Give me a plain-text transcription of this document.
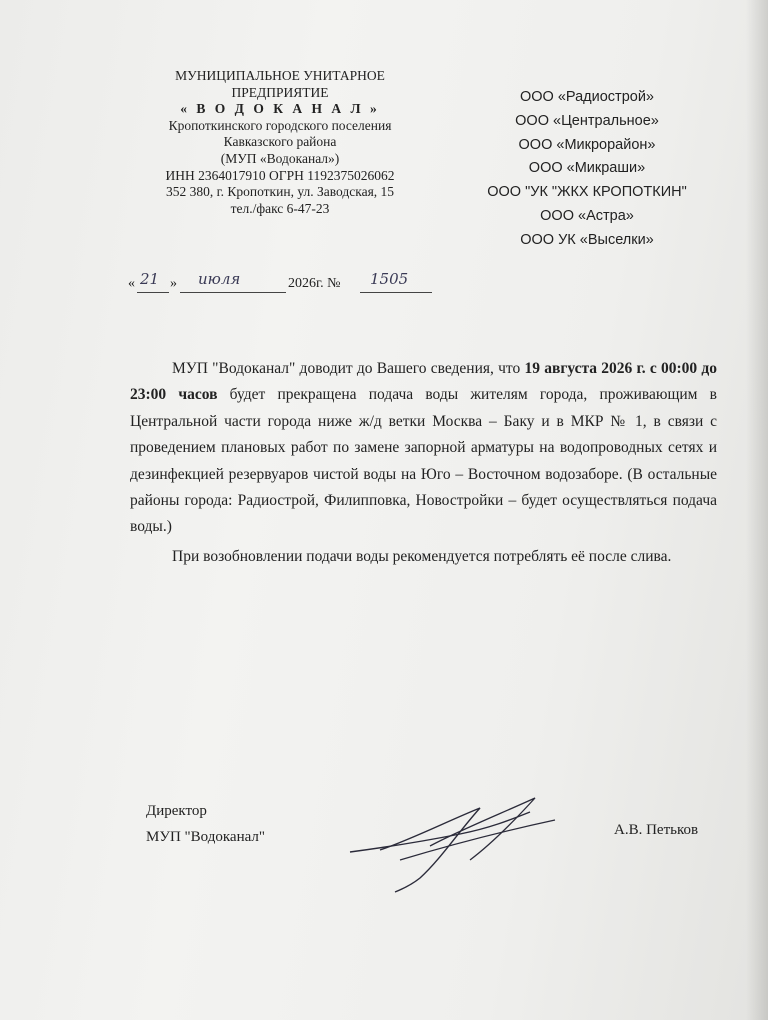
МУНИЦИПАЛЬНОЕ УНИТАРНОЕ
ПРЕДПРИЯТИЕ
« В О Д О К А Н А Л »
Кропоткинского городского поселения
Кавказского района
(МУП «Водоканал»)
ИНН 2364017910 ОГРН 1192375026062
352 380, г. Кропоткин, ул. Заводская, 15
тел./факс 6-47-23
ООО «Радиострой»
ООО «Центральное»
ООО «Микрорайон»
ООО «Микраши»
ООО "УК "ЖКХ КРОПОТКИН"
ООО «Астра»
ООО УК «Выселки»
« 21 » июля	2026г. № 1505

МУП "Водоканал" доводит до Вашего сведения, что 19 августа 2026 г. с 00:00 до 23:00 часов будет прекращена подача воды жителям города, проживающим в Центральной части города ниже ж/д ветки Москва – Баку и в МКР № 1, в связи с проведением плановых работ по замене запорной арматуры на водопроводных сетях и дезинфекцией резервуаров чистой воды на Юго – Восточном водозаборе. (В остальные районы города: Радиострой, Филипповка, Новостройки – будет осуществляться подача воды.)

При возобновлении подачи воды рекомендуется потреблять её после слива.

Директор
МУП "Водоканал"	А.В. Петьков
